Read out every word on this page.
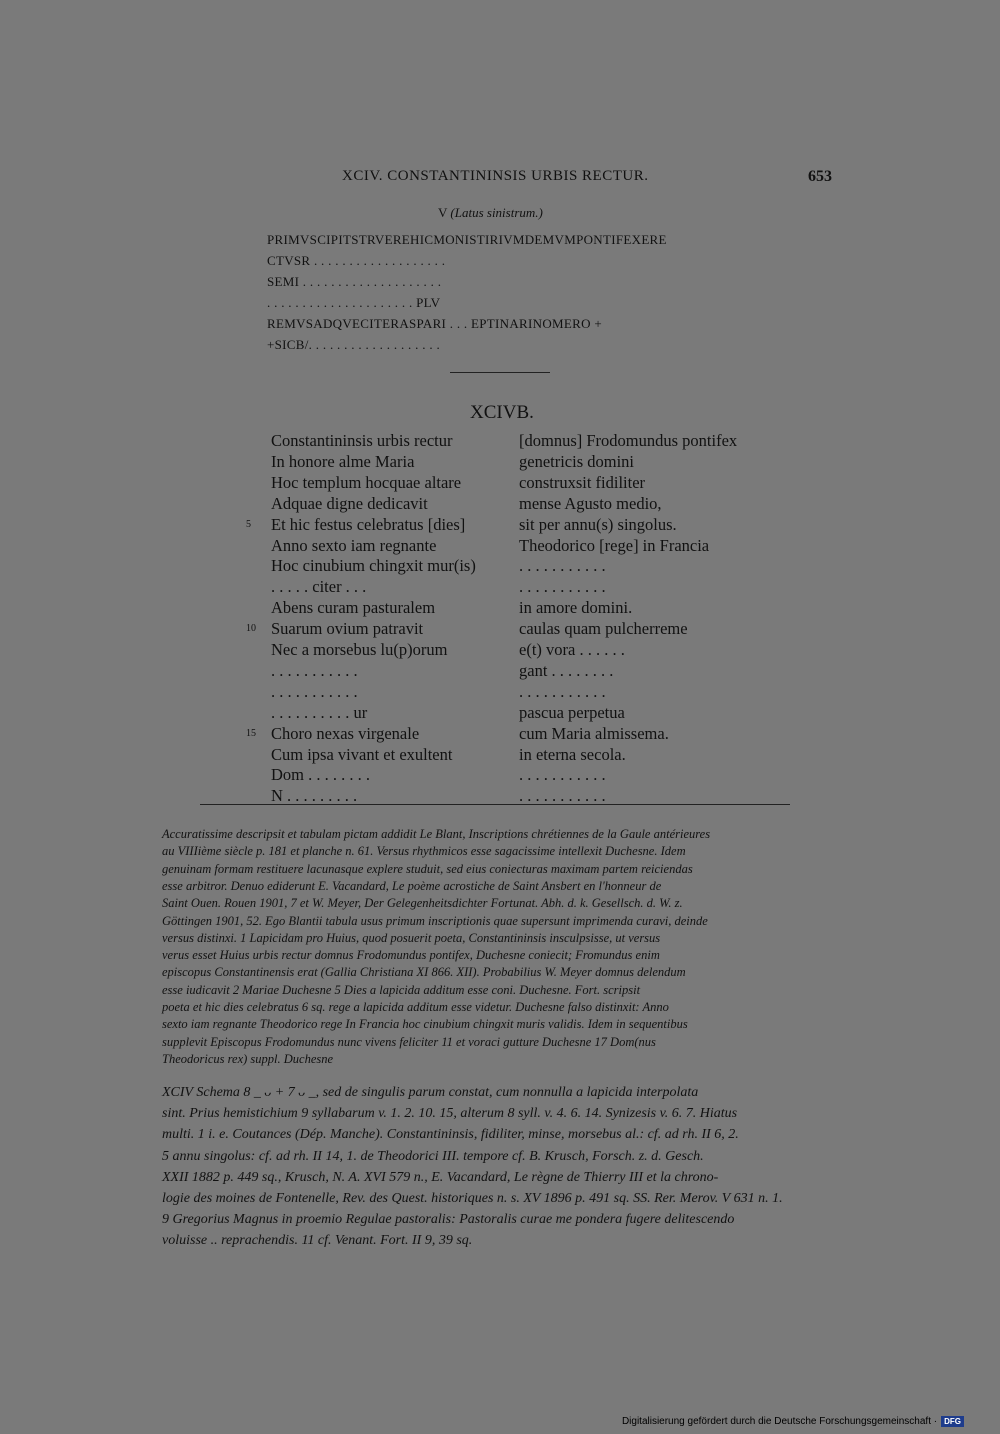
XCIV. CONSTANTININSIS URBIS RECTUR.	653
V (Latus sinistrum.)
PRIMVSCIPITSTRVEREHICMONISTIRIVMDEMVMPONTIFEXERE
CTVSR . . . . . . . . . . . . . . . . . . .
SEMI . . . . . . . . . . . . . . . . . . . .
. . . . . . . . . . . . . . . . . . . . . PLV
REMVSADQVECITERASPARI . . . EPTINARINOMERO +
+SICB/. . . . . . . . . . . . . . . . . . .
XCIVB.
Constantininsis urbis rectur	[domnus] Frodomundus pontifex
In honore alme Maria	genetricis domini
Hoc templum hocquae altare	construxsit fidiliter
Adquae digne dedicavit	mense Agusto medio,
5 Et hic festus celebratus [dies]	sit per annu(s) singolus.
Anno sexto iam regnante	Theodorico [rege] in Francia
Hoc cinubium chingxit mur(is)	. . . . . . . . . . .
. . . . . citer . . .	. . . . . . . . . . .
Abens curam pasturalem	in amore domini.
10 Suarum ovium patravit	caulas quam pulcherreme
Nec a morsebus lu(p)orum	e(t) vora . . . . . .
. . . . . . . . . . .	gant . . . . . . . .
. . . . . . . . . . .	. . . . . . . . . . .
. . . . . . . . . . ur	pascua perpetua
15 Choro nexas virgenale	cum Maria almissema.
Cum ipsa vivant et exultent	in eterna secola.
Dom . . . . . . . .	. . . . . . . . . . .
N . . . . . . . . .	. . . . . . . . . . .
Accuratissime descripsit et tabulam pictam addidit Le Blant, Inscriptions chrétiennes de la Gaule antérieures
au VIIIième siècle p. 181 et planche n. 61. Versus rhythmicos esse sagacissime intellexit Duchesne. Idem
genuinam formam restituere lacunasque explere studuit, sed eius coniecturas maximam partem reiciendas
esse arbitror. Denuo ediderunt E. Vacandard, Le poème acrostiche de Saint Ansbert en l'honneur de
Saint Ouen. Rouen 1901, 7 et W. Meyer, Der Gelegenheitsdichter Fortunat. Abh. d. k. Gesellsch. d. W. z.
Göttingen 1901, 52. Ego Blantii tabula usus primum inscriptionis quae supersunt imprimenda curavi, deinde
versus distinxi. 1 Lapicidam pro Huius, quod posuerit poeta, Constantininsis insculpsisse, ut versus
verus esset Huius urbis rectur domnus Frodomundus pontifex, Duchesne coniecit; Fromundus enim
episcopus Constantinensis erat (Gallia Christiana XI 866. XII). Probabilius W. Meyer domnus delendum
esse iudicavit 2 Mariae Duchesne 5 Dies a lapicida additum esse coni. Duchesne. Fort. scripsit
poeta et hic dies celebratus 6 sq. rege a lapicida additum esse videtur. Duchesne falso distinxit: Anno
sexto iam regnante Theodorico rege In Francia hoc cinubium chingxit muris validis. Idem in sequentibus
supplevit Episcopus Frodomundus nunc vivens feliciter 11 et voraci gutture Duchesne 17 Dom(nus
Theodoricus rex) suppl. Duchesne
XCIV Schema 8 _ ᴗ + 7 ᴗ _, sed de singulis parum constat, cum nonnulla a lapicida interpolata
sint. Prius hemistichium 9 syllabarum v. 1. 2. 10. 15, alterum 8 syll. v. 4. 6. 14. Synizesis v. 6. 7. Hiatus
multi. 1 i. e. Coutances (Dép. Manche). Constantininsis, fidiliter, minse, morsebus al.: cf. ad rh. II 6, 2.
5 annu singolus: cf. ad rh. II 14, 1. de Theodorici III. tempore cf. B. Krusch, Forsch. z. d. Gesch.
XXII 1882 p. 449 sq., Krusch, N. A. XVI 579 n., E. Vacandard, Le règne de Thierry III et la chrono-
logie des moines de Fontenelle, Rev. des Quest. historiques n. s. XV 1896 p. 491 sq. SS. Rer. Merov. V 631 n. 1.
9 Gregorius Magnus in proemio Regulae pastoralis: Pastoralis curae me pondera fugere delitescendo
voluisse .. reprachendis. 11 cf. Venant. Fort. II 9, 39 sq.
Digitalisierung gefördert durch die Deutsche Forschungsgemeinschaft · DFG
